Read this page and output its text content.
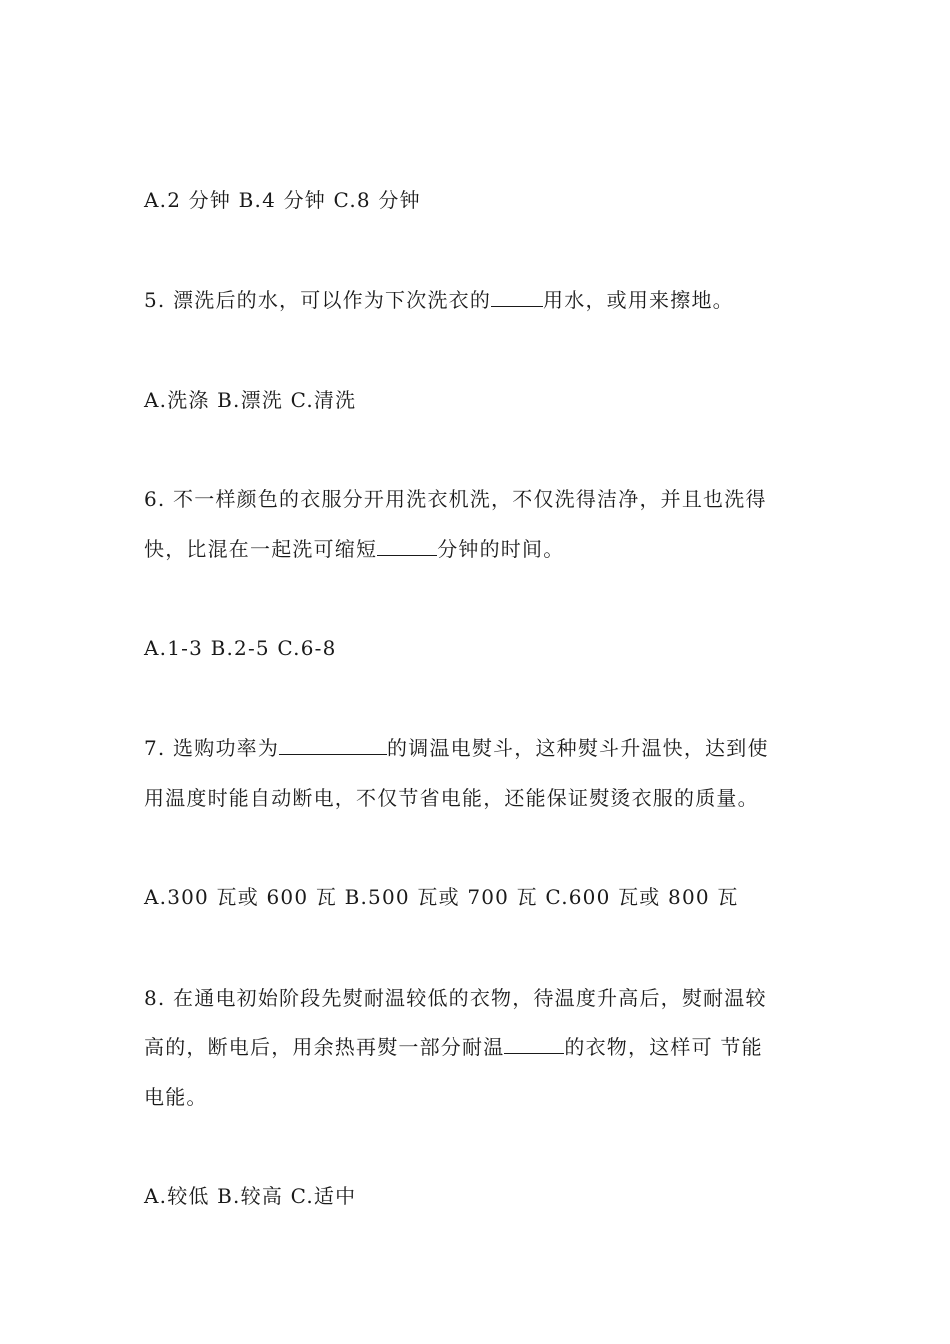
A.2 分钟 B.4 分钟 C.8 分钟
5. 漂洗后的水，可以作为下次洗衣的	用水，或用来擦地。
A.洗涤 B.漂洗 C.清洗
6. 不一样颜色的衣服分开用洗衣机洗，不仅洗得洁净，并且也洗得
快，比混在一起洗可缩短	分钟的时间。
A.1-3 B.2-5 C.6-8
7. 选购功率为	的调温电熨斗，这种熨斗升温快，达到使
用温度时能自动断电，不仅节省电能，还能保证熨烫衣服的质量。
A.300 瓦或 600 瓦 B.500 瓦或 700 瓦 C.600 瓦或 800 瓦
8. 在通电初始阶段先熨耐温较低的衣物，待温度升高后，熨耐温较
高的，断电后，用余热再熨一部分耐温	的衣物，这样可 节能
电能。
A.较低 B.较高 C.适中
